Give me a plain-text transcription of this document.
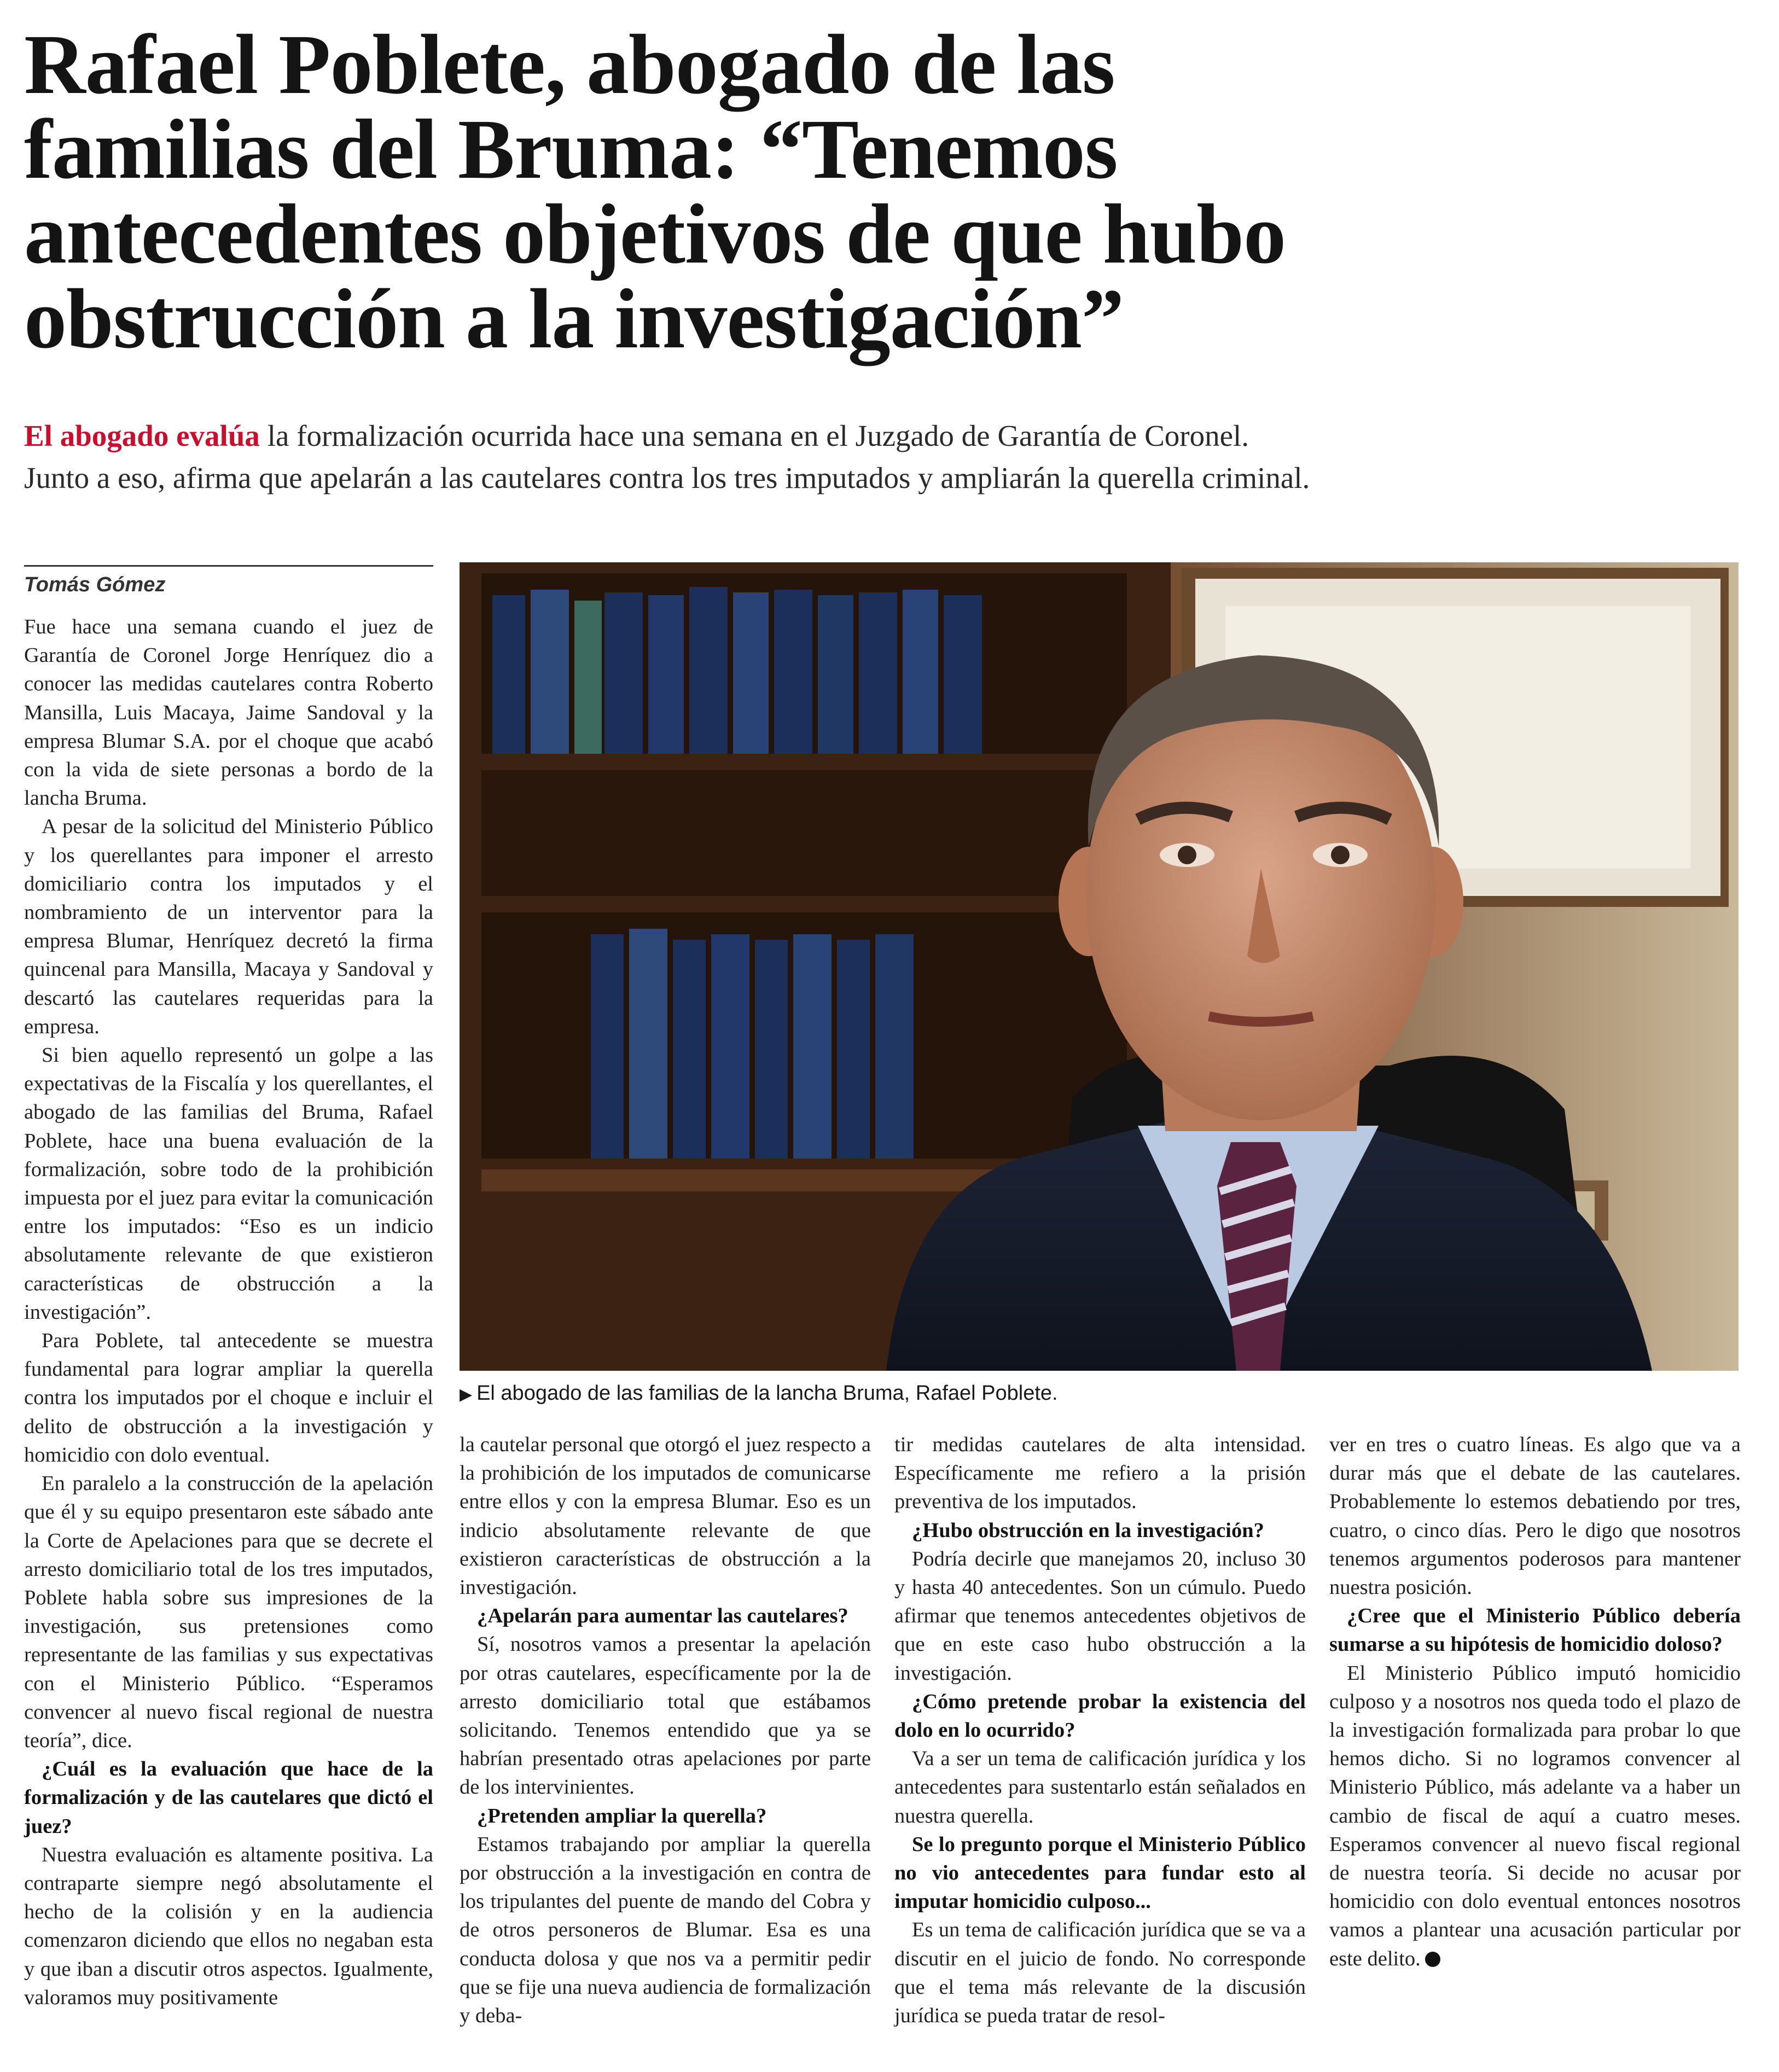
Rafael Poblete, abogado de las
familias del Bruma: “Tenemos
antecedentes objetivos de que hubo
obstrucción a la investigación”
El abogado evalúa la formalización ocurrida hace una semana en el Juzgado de Garantía de Coronel.
Junto a eso, afirma que apelarán a las cautelares contra los tres imputados y ampliarán la querella criminal.
Tomás Gómez

Fue hace una semana cuando el juez de Garantía de Coronel Jorge Henríquez dio a conocer las medidas cautelares contra Roberto Mansilla, Luis Macaya, Jaime Sandoval y la empresa Blumar S.A. por el choque que acabó con la vida de siete personas a bordo de la lancha Bruma.

A pesar de la solicitud del Ministerio Público y los querellantes para imponer el arresto domiciliario contra los imputados y el nombramiento de un interventor para la empresa Blumar, Henríquez decretó la firma quincenal para Mansilla, Macaya y Sandoval y descartó las cautelares requeridas para la empresa.

Si bien aquello representó un golpe a las expectativas de la Fiscalía y los querellantes, el abogado de las familias del Bruma, Rafael Poblete, hace una buena evaluación de la formalización, sobre todo de la prohibición impuesta por el juez para evitar la comunicación entre los imputados: “Eso es un indicio absolutamente relevante de que existieron características de obstrucción a la investigación”.

Para Poblete, tal antecedente se muestra fundamental para lograr ampliar la querella contra los imputados por el choque e incluir el delito de obstrucción a la investigación y homicidio con dolo eventual.

En paralelo a la construcción de la apelación que él y su equipo presentaron este sábado ante la Corte de Apelaciones para que se decrete el arresto domiciliario total de los tres imputados, Poblete habla sobre sus impresiones de la investigación, sus pretensiones como representante de las familias y sus expectativas con el Ministerio Público. “Esperamos convencer al nuevo fiscal regional de nuestra teoría”, dice.

¿Cuál es la evaluación que hace de la formalización y de las cautelares que dictó el juez?

Nuestra evaluación es altamente positiva. La contraparte siempre negó absolutamente el hecho de la colisión y en la audiencia comenzaron diciendo que ellos no negaban esta y que iban a discutir otros aspectos. Igualmente, valoramos muy positivamente

la cautelar personal que otorgó el juez respecto a la prohibición de los imputados de comunicarse entre ellos y con la empresa Blumar. Eso es un indicio absolutamente relevante de que existieron características de obstrucción a la investigación.

¿Apelarán para aumentar las cautelares?

Sí, nosotros vamos a presentar la apelación por otras cautelares, específicamente por la de arresto domiciliario total que estábamos solicitando. Tenemos entendido que ya se habrían presentado otras apelaciones por parte de los intervinientes.

¿Pretenden ampliar la querella?

Estamos trabajando por ampliar la querella por obstrucción a la investigación en contra de los tripulantes del puente de mando del Cobra y de otros personeros de Blumar. Esa es una conducta dolosa y que nos va a permitir pedir que se fije una nueva audiencia de formalización y deba-

tir medidas cautelares de alta intensidad. Específicamente me refiero a la prisión preventiva de los imputados.

¿Hubo obstrucción en la investigación?

Podría decirle que manejamos 20, incluso 30 y hasta 40 antecedentes. Son un cúmulo. Puedo afirmar que tenemos antecedentes objetivos de que en este caso hubo obstrucción a la investigación.

¿Cómo pretende probar la existencia del dolo en lo ocurrido?

Va a ser un tema de calificación jurídica y los antecedentes para sustentarlo están señalados en nuestra querella.

Se lo pregunto porque el Ministerio Público no vio antecedentes para fundar esto al imputar homicidio culposo...

Es un tema de calificación jurídica que se va a discutir en el juicio de fondo. No corresponde que el tema más relevante de la discusión jurídica se pueda tratar de resol-

ver en tres o cuatro líneas. Es algo que va a durar más que el debate de las cautelares. Probablemente lo estemos debatiendo por tres, cuatro, o cinco días. Pero le digo que nosotros tenemos argumentos poderosos para mantener nuestra posición.

¿Cree que el Ministerio Público debería sumarse a su hipótesis de homicidio doloso?

El Ministerio Público imputó homicidio culposo y a nosotros nos queda todo el plazo de la investigación formalizada para probar lo que hemos dicho. Si no logramos convencer al Ministerio Público, más adelante va a haber un cambio de fiscal de aquí a cuatro meses. Esperamos convencer al nuevo fiscal regional de nuestra teoría. Si decide no acusar por homicidio con dolo eventual entonces nosotros vamos a plantear una acusación particular por este delito.

▶ El abogado de las familias de la lancha Bruma, Rafael Poblete.
